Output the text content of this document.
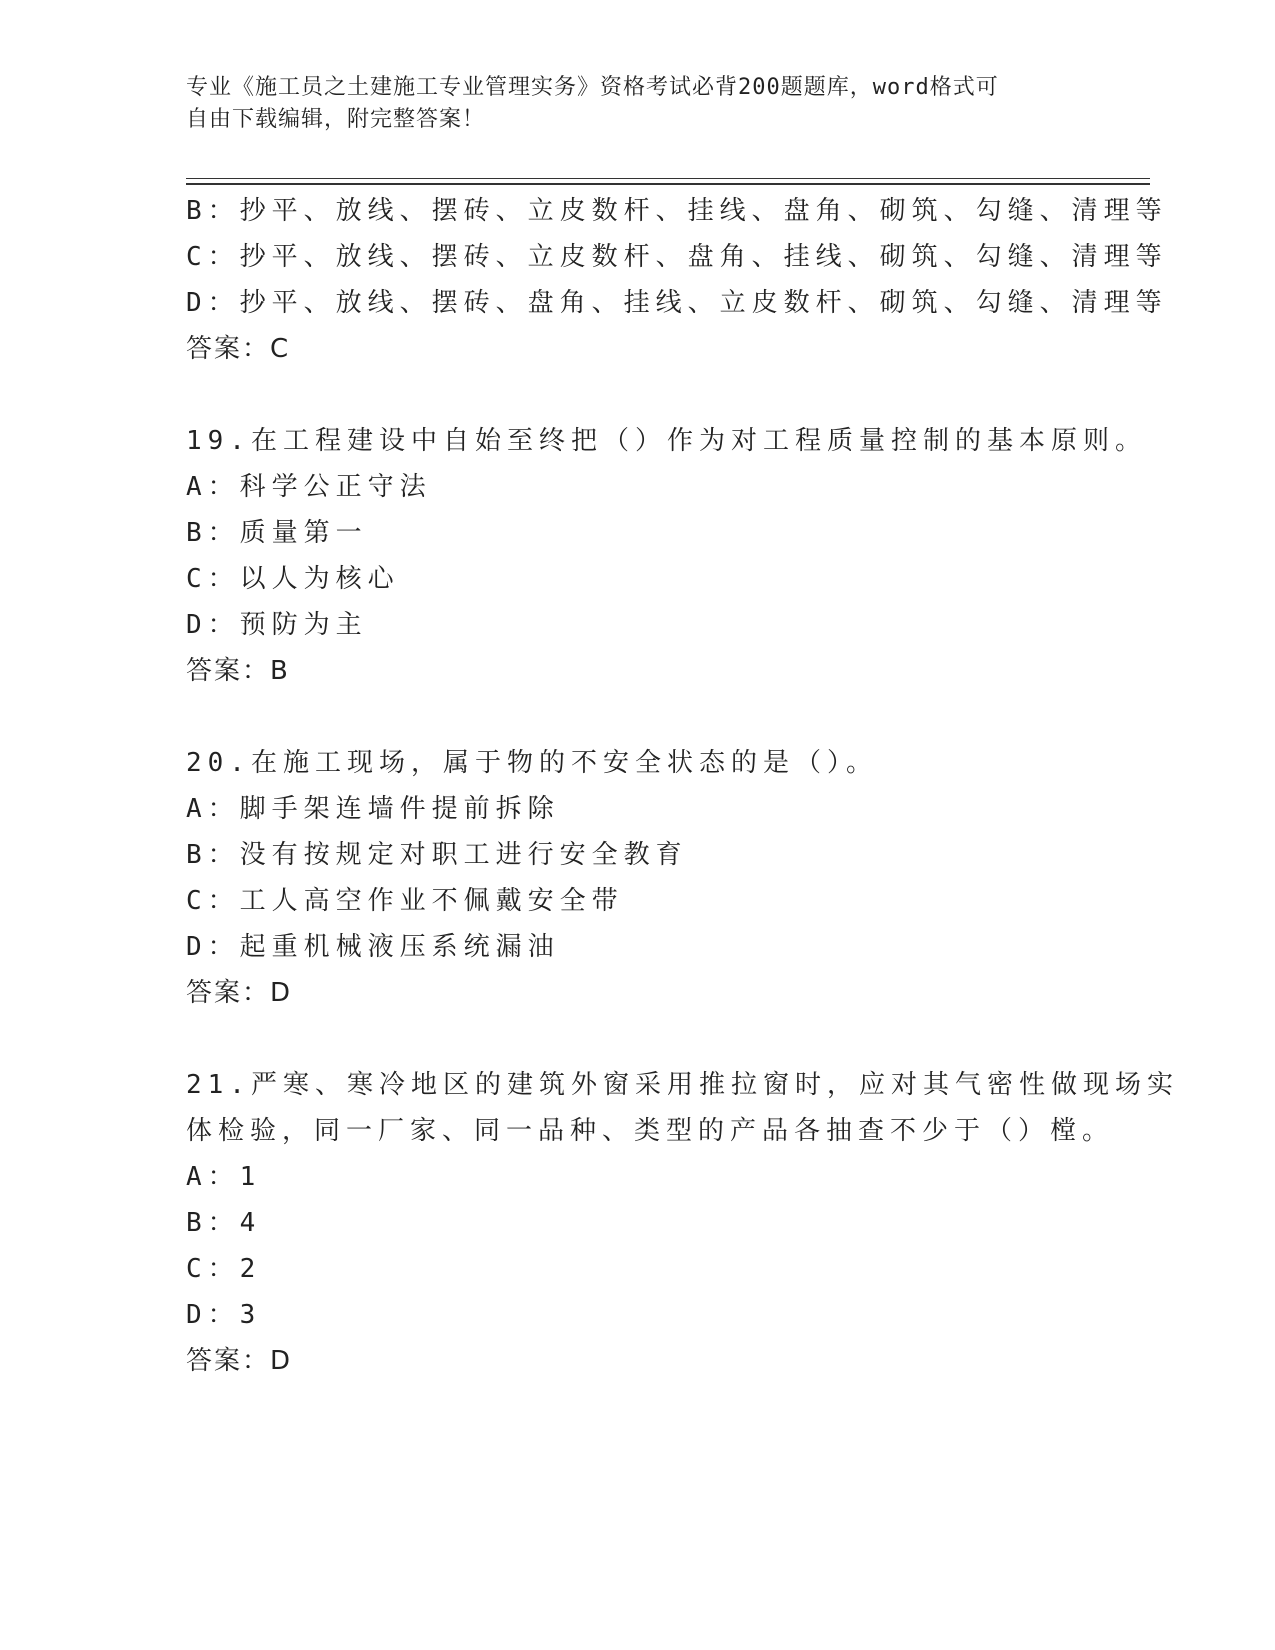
专业《施工员之土建施工专业管理实务》资格考试必背200题题库，word格式可
自由下载编辑，附完整答案！
B：抄平、放线、摆砖、立皮数杆、挂线、盘角、砌筑、勾缝、清理等
C：抄平、放线、摆砖、立皮数杆、盘角、挂线、砌筑、勾缝、清理等
D：抄平、放线、摆砖、盘角、挂线、立皮数杆、砌筑、勾缝、清理等
答案：C
19.在工程建设中自始至终把（）作为对工程质量控制的基本原则。
A：科学公正守法
B：质量第一
C：以人为核心
D：预防为主
答案：B
20.在施工现场，属于物的不安全状态的是（）。
A：脚手架连墙件提前拆除
B：没有按规定对职工进行安全教育
C：工人高空作业不佩戴安全带
D：起重机械液压系统漏油
答案：D
21.严寒、寒冷地区的建筑外窗采用推拉窗时，应对其气密性做现场实
体检验，同一厂家、同一品种、类型的产品各抽查不少于（）樘。
A：1
B：4
C：2
D：3
答案：D
